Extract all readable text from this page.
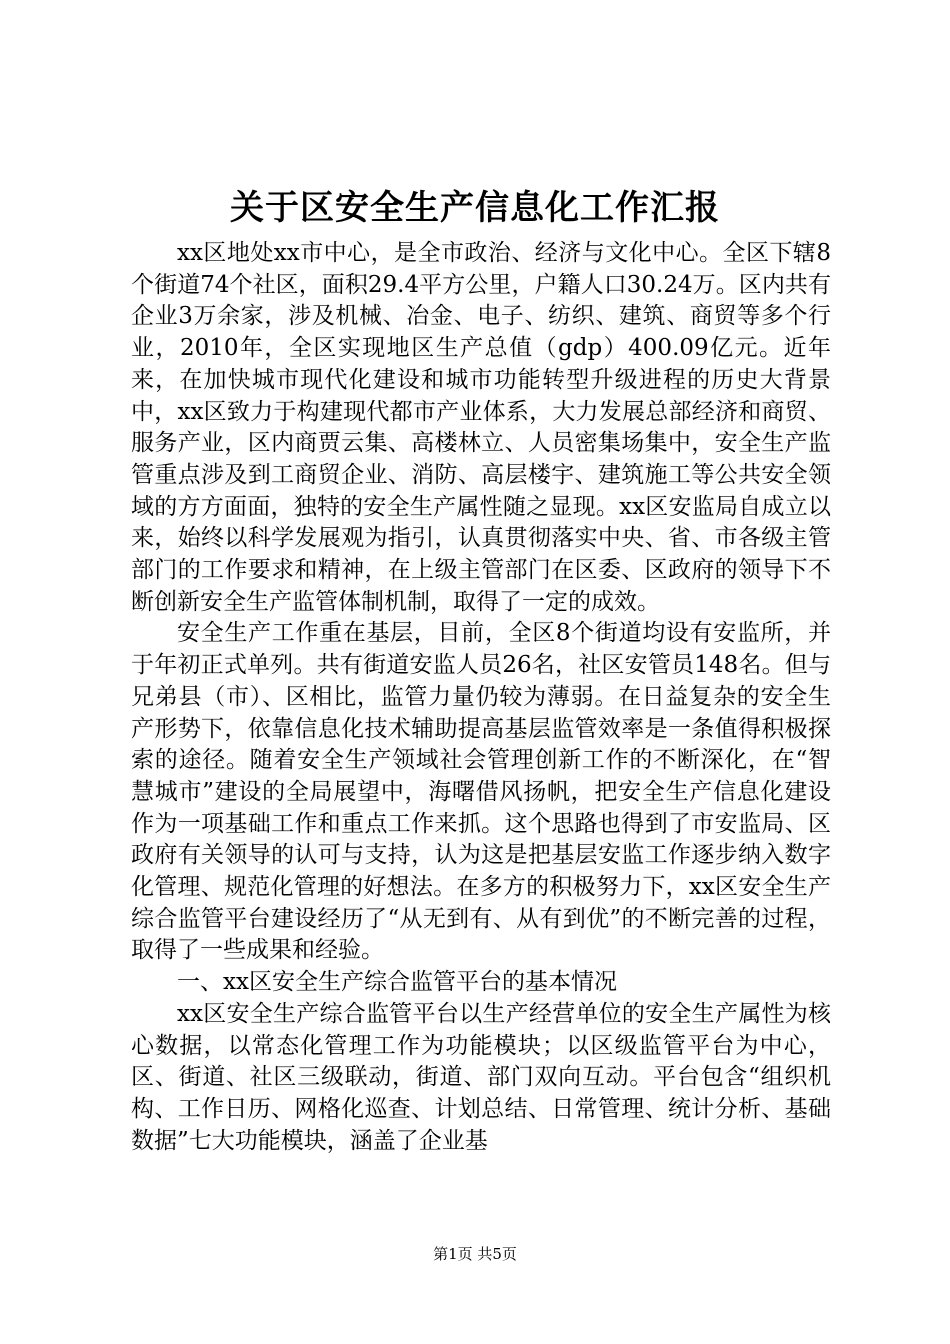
关于区安全生产信息化工作汇报

xx区地处xx市中心，是全市政治、经济与文化中心。全区下辖8个街道74个社区，面积29.4平方公里，户籍人口30.24万。区内共有企业3万余家，涉及机械、冶金、电子、纺织、建筑、商贸等多个行业，2010年，全区实现地区生产总值（gdp）400.09亿元。近年来，在加快城市现代化建设和城市功能转型升级进程的历史大背景中，xx区致力于构建现代都市产业体系，大力发展总部经济和商贸、服务产业，区内商贾云集、高楼林立、人员密集场集中，安全生产监管重点涉及到工商贸企业、消防、高层楼宇、建筑施工等公共安全领域的方方面面，独特的安全生产属性随之显现。xx区安监局自成立以来，始终以科学发展观为指引，认真贯彻落实中央、省、市各级主管部门的工作要求和精神，在上级主管部门在区委、区政府的领导下不断创新安全生产监管体制机制，取得了一定的成效。

安全生产工作重在基层，目前，全区8个街道均设有安监所，并于年初正式单列。共有街道安监人员26名，社区安管员148名。但与兄弟县（市）、区相比，监管力量仍较为薄弱。在日益复杂的安全生产形势下，依靠信息化技术辅助提高基层监管效率是一条值得积极探索的途径。随着安全生产领域社会管理创新工作的不断深化，在“智慧城市”建设的全局展望中，海曙借风扬帆，把安全生产信息化建设作为一项基础工作和重点工作来抓。这个思路也得到了市安监局、区政府有关领导的认可与支持，认为这是把基层安监工作逐步纳入数字化管理、规范化管理的好想法。在多方的积极努力下，xx区安全生产综合监管平台建设经历了“从无到有、从有到优”的不断完善的过程，取得了一些成果和经验。

一、xx区安全生产综合监管平台的基本情况

xx区安全生产综合监管平台以生产经营单位的安全生产属性为核心数据，以常态化管理工作为功能模块；以区级监管平台为中心，区、街道、社区三级联动，街道、部门双向互动。平台包含“组织机构、工作日历、网格化巡查、计划总结、日常管理、统计分析、基础数据”七大功能模块，涵盖了企业基

第1页 共5页
